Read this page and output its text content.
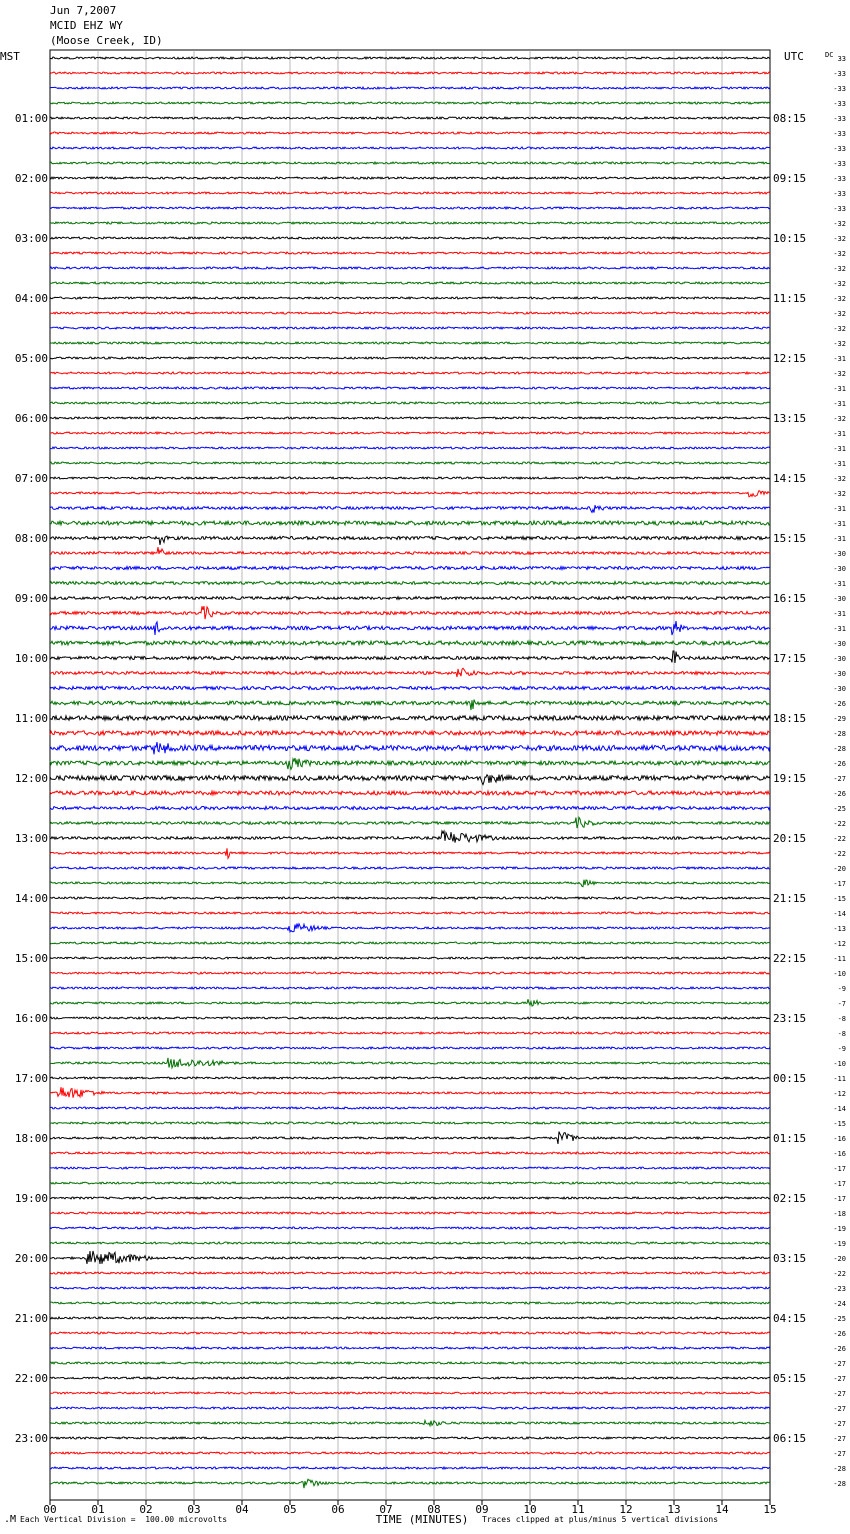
MST	UTC	DC
01:00
02:00
03:00
04:00
05:00
06:00
07:00
08:00
09:00
10:00
11:00
12:00
13:00
14:00
15:00
16:00
17:00
18:00
19:00
20:00
21:00
22:00
23:00
08:15
09:15
10:15
11:15
12:15
13:15
14:15
15:15
16:15
17:15
18:15
19:15
20:15
21:15
22:15
23:15
00:15
01:15
02:15
03:15
04:15
05:15
06:15
33
-33
-33
-33
-33
-33
-33
-33
-33
-33
-33
-32
-32
-32
-32
-32
-32
-32
-32
-32
-31
-32
-31
-31
-32
-31
-31
-31
-32
-32
-31
-31
-31
-30
-30
-31
-30
-31
-31
-30
-30
-30
-30
-26
-29
-28
-28
-26
-27
-26
-25
-22
-22
-22
-20
-17
-15
-14
-13
-12
-11
-10
-9
-7
-8
-8
-9
-10
-11
-12
-14
-15
-16
-16
-17
-17
-17
-18
-19
-19
-20
-22
-23
-24
-25
-26
-26
-27
-27
-27
-27
-27
-27
-27
-28
-28
00	01	02	03	04	05	06	07	08	09	10	11	12	13	14	15
TIME (MINUTES)
Jun 7,2007
MCID EHZ WY
(Moose Creek, ID)
.M Each Vertical Division =  100.00 microvolts	Traces clipped at plus/minus 5 vertical divisions
